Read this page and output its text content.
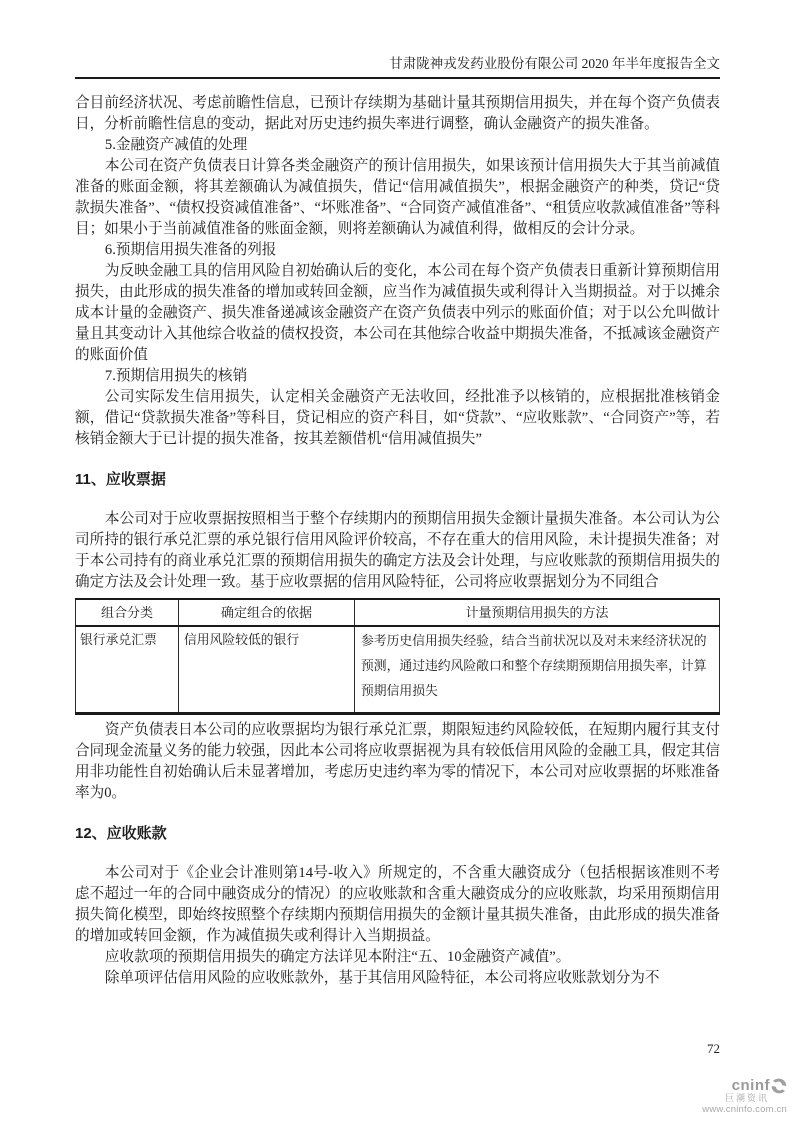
甘肃陇神戎发药业股份有限公司 2020 年半年度报告全文

合目前经济状况、考虑前瞻性信息，已预计存续期为基础计量其预期信用损失，并在每个资产负债表日，分析前瞻性信息的变动，据此对历史违约损失率进行调整，确认金融资产的损失准备。

5.金融资产减值的处理

本公司在资产负债表日计算各类金融资产的预计信用损失，如果该预计信用损失大于其当前减值准备的账面金额，将其差额确认为减值损失，借记“信用减值损失”，根据金融资产的种类，贷记“贷款损失准备”、“债权投资减值准备”、“坏账准备”、“合同资产减值准备”、“租赁应收款减值准备”等科目；如果小于当前减值准备的账面金额，则将差额确认为减值利得，做相反的会计分录。

6.预期信用损失准备的列报

为反映金融工具的信用风险自初始确认后的变化，本公司在每个资产负债表日重新计算预期信用损失，由此形成的损失准备的增加或转回金额，应当作为减值损失或利得计入当期损益。对于以摊余成本计量的金融资产、损失准备递减该金融资产在资产负债表中列示的账面价值；对于以公允叫做计量且其变动计入其他综合收益的债权投资，本公司在其他综合收益中期损失准备，不抵减该金融资产的账面价值

7.预期信用损失的核销

公司实际发生信用损失，认定相关金融资产无法收回，经批准予以核销的，应根据批准核销金额，借记“贷款损失准备”等科目，贷记相应的资产科目，如“贷款”、“应收账款”、“合同资产”等，若核销金额大于已计提的损失准备，按其差额借机“信用减值损失”

11、应收票据

本公司对于应收票据按照相当于整个存续期内的预期信用损失金额计量损失准备。本公司认为公司所持的银行承兑汇票的承兑银行信用风险评价较高，不存在重大的信用风险，未计提损失准备；对于本公司持有的商业承兑汇票的预期信用损失的确定方法及会计处理，与应收账款的预期信用损失的确定方法及会计处理一致。基于应收票据的信用风险特征，公司将应收票据划分为不同组合

组合分类	确定组合的依据	计量预期信用损失的方法
银行承兑汇票	信用风险较低的银行	参考历史信用损失经验，结合当前状况以及对未来经济状况的预测，通过违约风险敞口和整个存续期预期信用损失率，计算预期信用损失

资产负债表日本公司的应收票据均为银行承兑汇票，期限短违约风险较低，在短期内履行其支付合同现金流量义务的能力较强，因此本公司将应收票据视为具有较低信用风险的金融工具，假定其信用非功能性自初始确认后未显著增加，考虑历史违约率为零的情况下，本公司对应收票据的坏账准备率为0。

12、应收账款

本公司对于《企业会计准则第14号-收入》所规定的，不含重大融资成分（包括根据该准则不考虑不超过一年的合同中融资成分的情况）的应收账款和含重大融资成分的应收账款，均采用预期信用损失简化模型，即始终按照整个存续期内预期信用损失的金额计量其损失准备，由此形成的损失准备的增加或转回金额，作为减值损失或利得计入当期损益。

应收款项的预期信用损失的确定方法详见本附注“五、10金融资产减值”。

除单项评估信用风险的应收账款外，基于其信用风险特征，本公司将应收账款划分为不

72
cninf
巨潮资讯
www.cninfo.com.cn
